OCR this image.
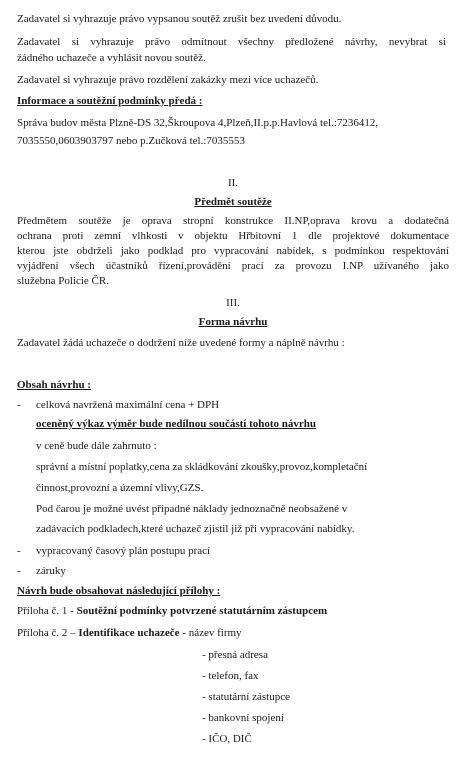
Zadavatel si vyhrazuje právo vypsanou soutěž zrušit bez uvedení důvodu.
Zadavatel si vyhrazuje právo odmítnout všechny předložené návrhy, nevybrat si
žádného uchazeče a vyhlásit novou soutěž.
Zadavatel si vyhrazuje právo rozdělení zakázky mezi více uchazečů.
Informace a soutěžní podmínky předá :
Správa budov města Plzně-DS 32,Škroupova 4,Plzeň,II.p.p.Havlová tel.:7236412,
7035550,0603903797 nebo p.Zučková tel.:7035553
II.
Předmět soutěže
Předmětem soutěže je oprava stropní konstrukce II.NP,oprava krovu a dodatečná
ochrana proti zemní vlhkosti v objektu Hřbitovní 1 dle projektové dokumentace
kterou jste obdrželi jako podklad pro vypracování nabídek, s podmínkou respektování
vyjádření všech účastníků řízení,provádění prací za provozu I.NP užívaného jako
služebna Policie ČR.
III.
Forma návrhu
Zadavatel žádá uchazeče o dodržení níže uvedené formy a náplně návrhu :
Obsah návrhu :
- celková navržená maximální cena + DPH
oceněný výkaz výměr bude nedílnou součástí tohoto návrhu
v ceně bude dále zahrnuto :
správní a místní poplatky,cena za skládkování zkoušky,provoz,kompletační
činnost,provozní a územní vlivy,GZS.
Pod čarou je možné uvést případné náklady jednoznačně neobsažené v
zadávacích podkladech,které uchazeč zjistil již při vypracování nabídky.
- vypracovaný časový plán postupu prací
- záruky
Návrh bude obsahovat následující přílohy :
Příloha č. 1 - Soutěžní podmínky potvrzené statutárním zástupcem
Příloha č. 2 – Identifikace uchazeče - název firmy
- přesná adresa
- telefon, fax
- statutární zástupce
- bankovní spojení
- IČO, DIČ
